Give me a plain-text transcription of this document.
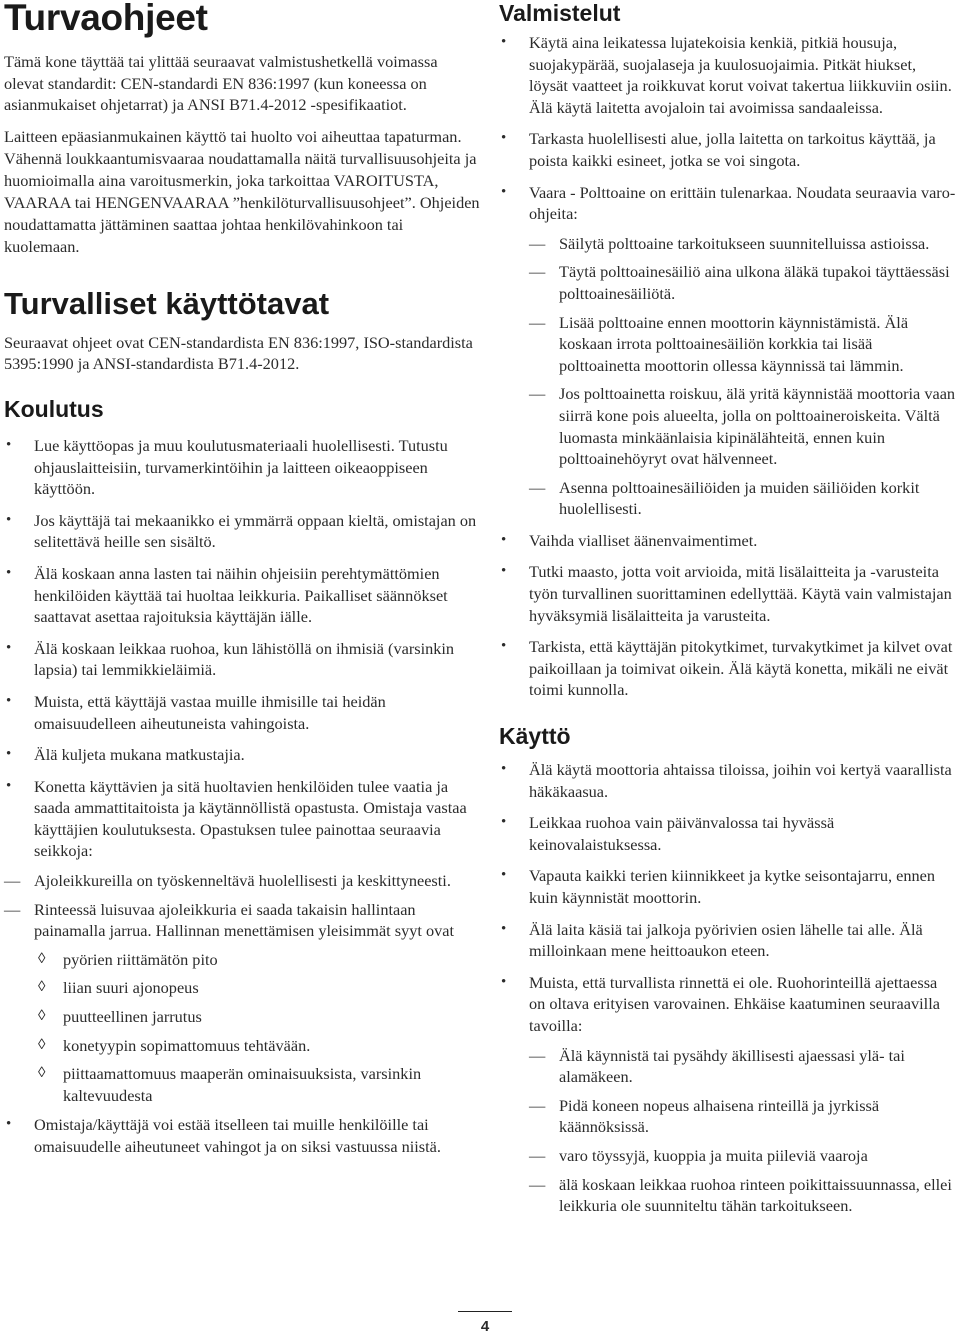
Turvaohjeet

Tämä kone täyttää tai ylittää seuraavat valmistushetkellä voimassa olevat standardit: CEN-standardi EN 836:1997 (kun koneessa on asianmukaiset ohjetarrat) ja ANSI B71.4-2012 -spesifikaatiot.

Laitteen epäasianmukainen käyttö tai huolto voi aiheuttaa tapaturman. Vähennä loukkaantumisvaaraa noudattamalla näitä turvallisuusohjeita ja huomioimalla aina varoitusmerkin, joka tarkoittaa VAROITUSTA, VAARAA tai HENGENVAARAA ”henkilöturvallisuusohjeet”. Ohjeiden noudattamatta jättäminen saattaa johtaa henkilövahinkoon tai kuolemaan.

Turvalliset käyttötavat

Seuraavat ohjeet ovat CEN-standardista EN 836:1997, ISO-standardista 5395:1990 ja ANSI-standardista B71.4-2012.

Koulutus
• Lue käyttöopas ja muu koulutusmateriaali huolellisesti. Tutustu ohjauslaitteisiin, turvamerkintöihin ja laitteen oikeaoppiseen käyttöön.
• Jos käyttäjä tai mekaanikko ei ymmärrä oppaan kieltä, omistajan on selitettävä heille sen sisältö.
• Älä koskaan anna lasten tai näihin ohjeisiin perehtymättömien henkilöiden käyttää tai huoltaa leikkuria. Paikalliset säännökset saattavat asettaa rajoituksia käyttäjän iälle.
• Älä koskaan leikkaa ruohoa, kun lähistöllä on ihmisiä (varsinkin lapsia) tai lemmikkieläimiä.
• Muista, että käyttäjä vastaa muille ihmisille tai heidän omaisuudelleen aiheutuneista vahingoista.
• Älä kuljeta mukana matkustajia.
• Konetta käyttävien ja sitä huoltavien henkilöiden tulee vaatia ja saada ammattitaitoista ja käytännöllistä opastusta. Omistaja vastaa käyttäjien koulutuksesta. Opastuksen tulee painottaa seuraavia seikkoja:
— Ajoleikkureilla on työskenneltävä huolellisesti ja keskittyneesti.
— Rinteessä luisuvaa ajoleikkuria ei saada takaisin hallintaan painamalla jarrua. Hallinnan menettämisen yleisimmät syyt ovat
◊ pyörien riittämätön pito
◊ liian suuri ajonopeus
◊ puutteellinen jarrutus
◊ konetyypin sopimattomuus tehtävään.
◊ piittaamattomuus maaperän ominaisuuksista, varsinkin kaltevuudesta
• Omistaja/käyttäjä voi estää itselleen tai muille henkilöille tai omaisuudelle aiheutuneet vahingot ja on siksi vastuussa niistä.
Valmistelut
• Käytä aina leikatessa lujatekoisia kenkiä, pitkiä housuja, suojakypärää, suojalaseja ja kuulosuojaimia. Pitkät hiukset, löysät vaatteet ja roikkuvat korut voivat takertua liikkuviin osiin. Älä käytä laitetta avojaloin tai avoimissa sandaaleissa.
• Tarkasta huolellisesti alue, jolla laitetta on tarkoitus käyttää, ja poista kaikki esineet, jotka se voi singota.
• Vaara - Polttoaine on erittäin tulenarkaa. Noudata seuraavia varo-ohjeita:
— Säilytä polttoaine tarkoitukseen suunnitelluissa astioissa.
— Täytä polttoainesäiliö aina ulkona äläkä tupakoi täyttäessäsi polttoainesäiliötä.
— Lisää polttoaine ennen moottorin käynnistämistä. Älä koskaan irrota polttoainesäiliön korkkia tai lisää polttoainetta moottorin ollessa käynnissä tai lämmin.
— Jos polttoainetta roiskuu, älä yritä käynnistää moottoria vaan siirrä kone pois alueelta, jolla on polttoaineroiskeita. Vältä luomasta minkäänlaisia kipinälähteitä, ennen kuin polttoainehöyryt ovat hälvenneet.
— Asenna polttoainesäiliöiden ja muiden säiliöiden korkit huolellisesti.
• Vaihda vialliset äänenvaimentimet.
• Tutki maasto, jotta voit arvioida, mitä lisälaitteita ja -varusteita työn turvallinen suorittaminen edellyttää. Käytä vain valmistajan hyväksymiä lisälaitteita ja varusteita.
• Tarkista, että käyttäjän pitokytkimet, turvakytkimet ja kilvet ovat paikoillaan ja toimivat oikein. Älä käytä konetta, mikäli ne eivät toimi kunnolla.
Käyttö
• Älä käytä moottoria ahtaissa tiloissa, joihin voi kertyä vaarallista häkäkaasua.
• Leikkaa ruohoa vain päivänvalossa tai hyvässä keinovalaistuksessa.
• Vapauta kaikki terien kiinnikkeet ja kytke seisontajarru, ennen kuin käynnistät moottorin.
• Älä laita käsiä tai jalkoja pyörivien osien lähelle tai alle. Älä milloinkaan mene heittoaukon eteen.
• Muista, että turvallista rinnettä ei ole. Ruohorinteillä ajettaessa on oltava erityisen varovainen. Ehkäise kaatuminen seuraavilla tavoilla:
— Älä käynnistä tai pysähdy äkillisesti ajaessasi ylä- tai alamäkeen.
— Pidä koneen nopeus alhaisena rinteillä ja jyrkissä käännöksissä.
— varo töyssyjä, kuoppia ja muita piileviä vaaroja
— älä koskaan leikkaa ruohoa rinteen poikittaissuunnassa, ellei leikkuria ole suunniteltu tähän tarkoitukseen.
4
